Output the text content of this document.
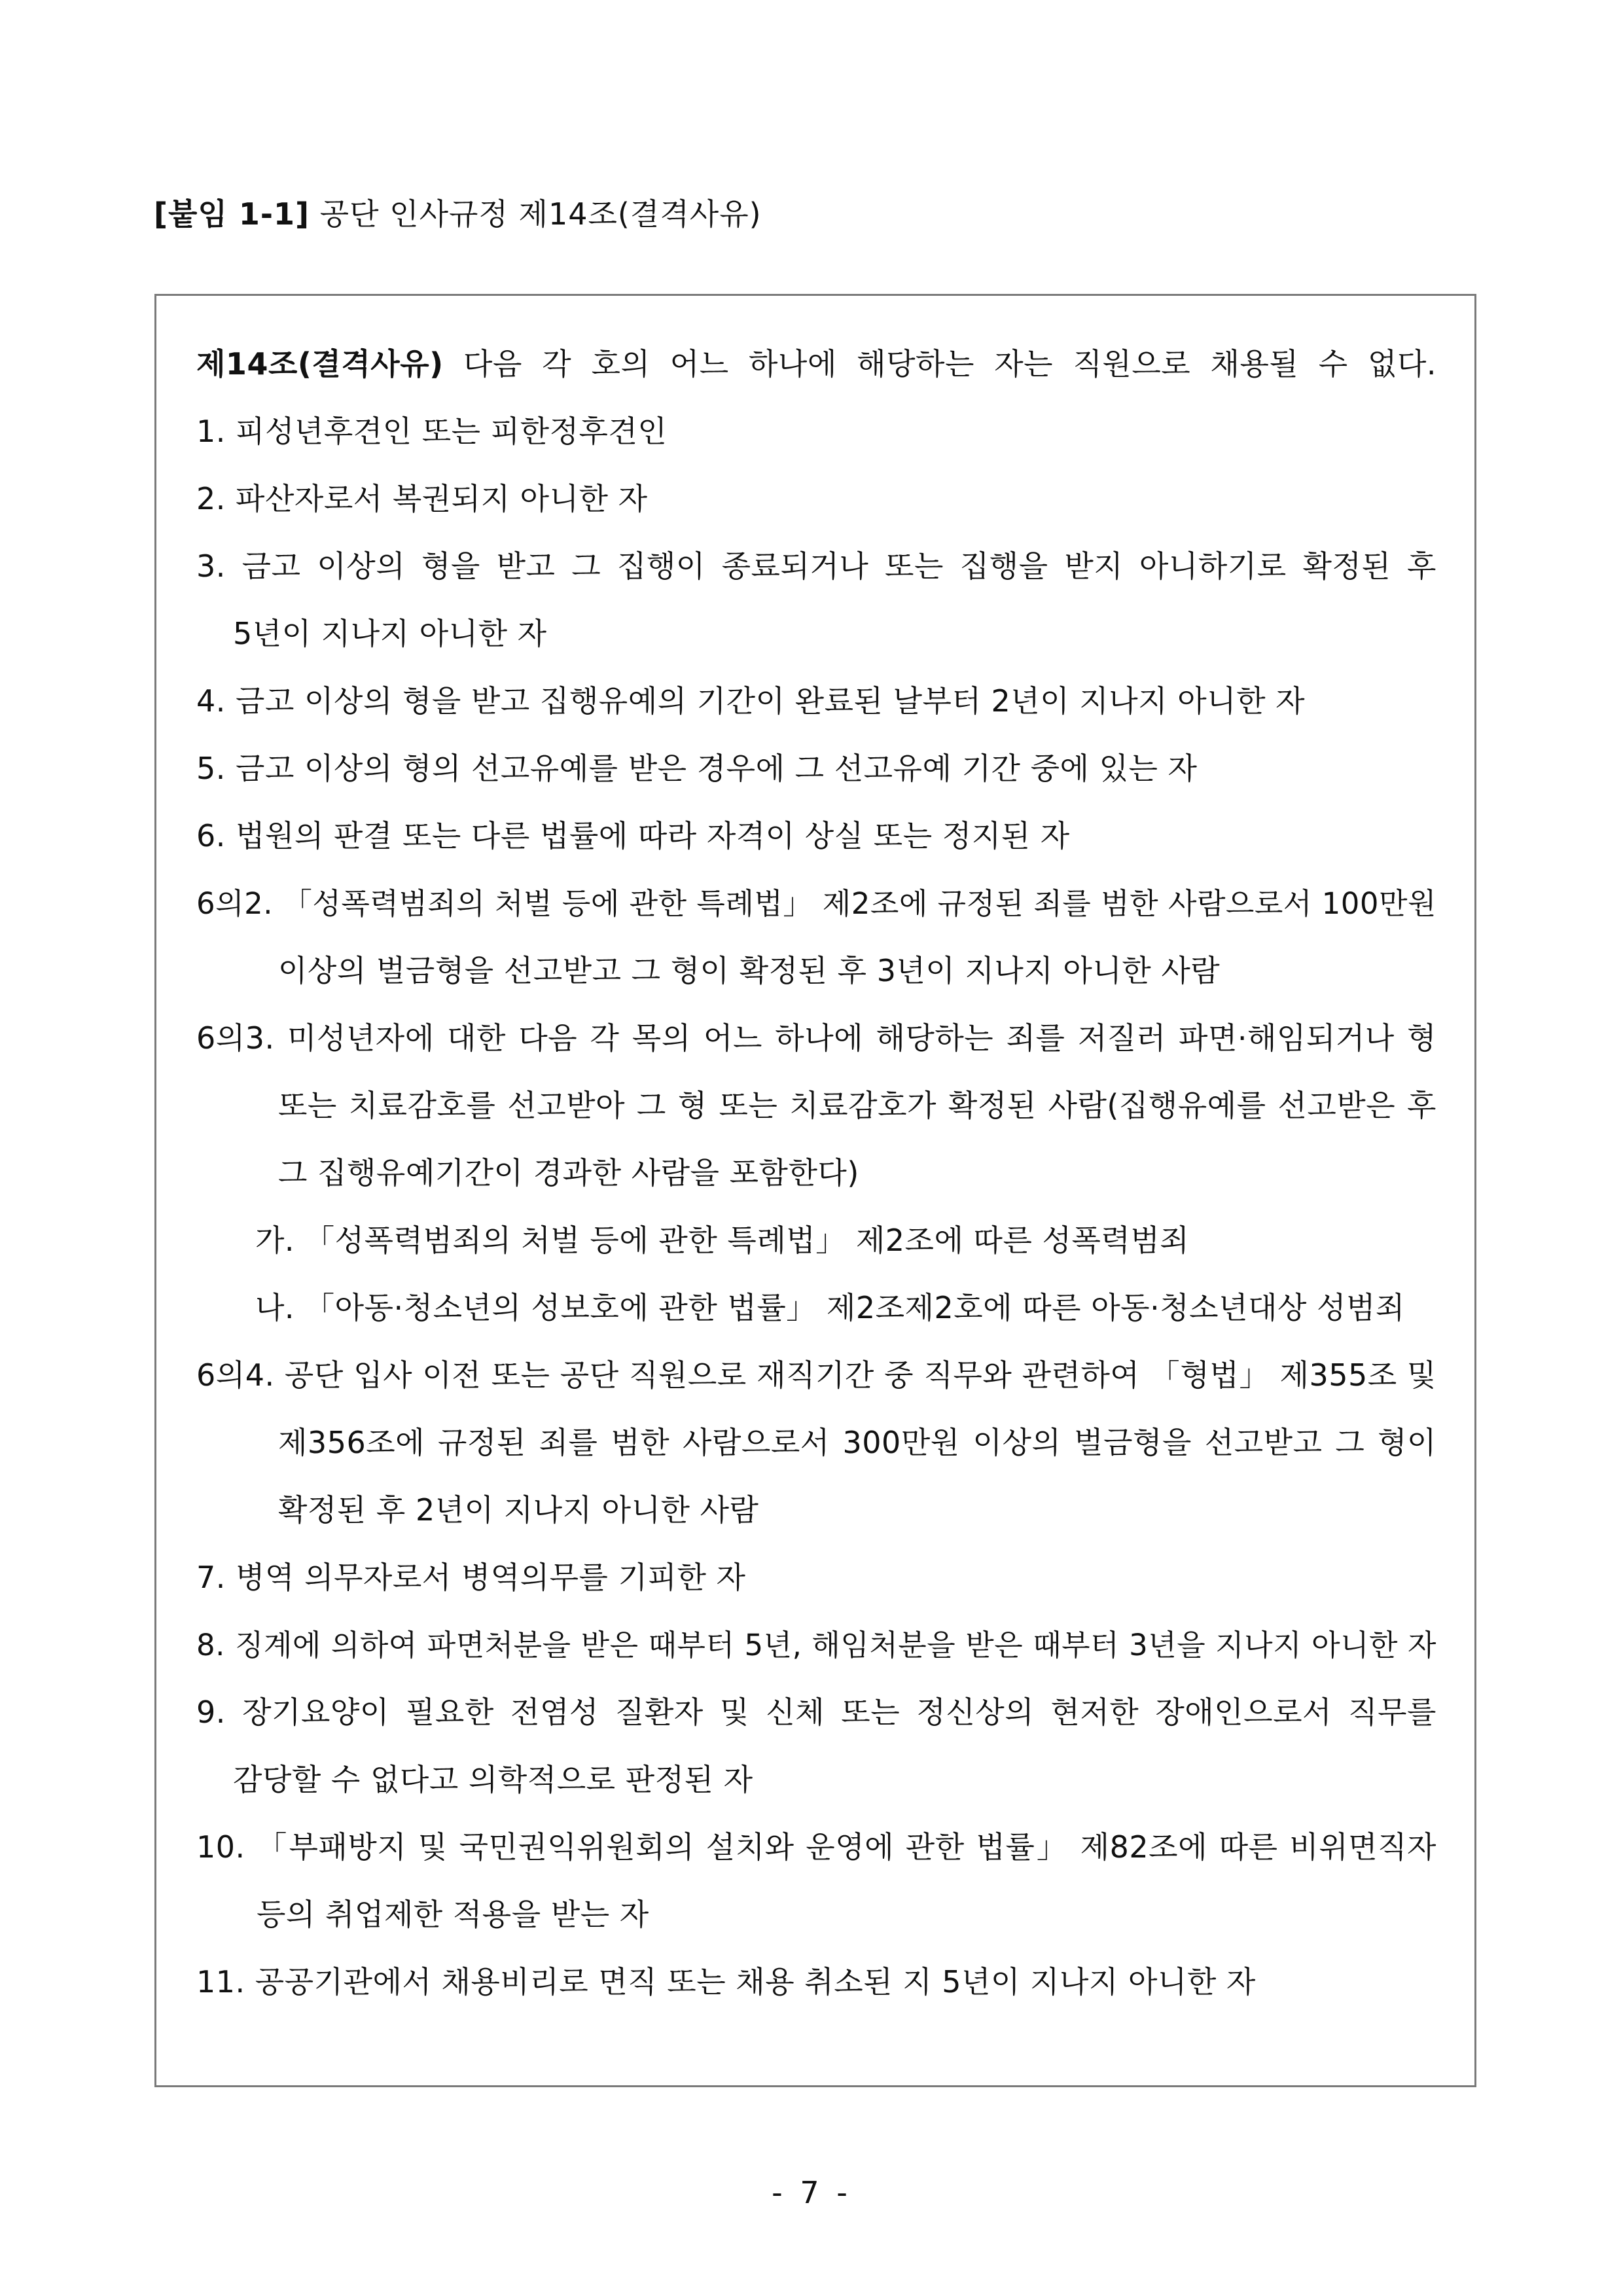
[붙임 1-1] 공단 인사규정 제14조(결격사유)
제14조(결격사유) 다음 각 호의 어느 하나에 해당하는 자는 직원으로 채용될 수 없다.
1. 피성년후견인 또는 피한정후견인
2. 파산자로서 복권되지 아니한 자
3. 금고 이상의 형을 받고 그 집행이 종료되거나 또는 집행을 받지 아니하기로 확정된 후
5년이 지나지 아니한 자
4. 금고 이상의 형을 받고 집행유예의 기간이 완료된 날부터 2년이 지나지 아니한 자
5. 금고 이상의 형의 선고유예를 받은 경우에 그 선고유예 기간 중에 있는 자
6. 법원의 판결 또는 다른 법률에 따라 자격이 상실 또는 정지된 자
6의2. 「성폭력범죄의 처벌 등에 관한 특례법」 제2조에 규정된 죄를 범한 사람으로서 100만원
이상의 벌금형을 선고받고 그 형이 확정된 후 3년이 지나지 아니한 사람
6의3. 미성년자에 대한 다음 각 목의 어느 하나에 해당하는 죄를 저질러 파면·해임되거나 형
또는 치료감호를 선고받아 그 형 또는 치료감호가 확정된 사람(집행유예를 선고받은 후
그 집행유예기간이 경과한 사람을 포함한다)
가. 「성폭력범죄의 처벌 등에 관한 특례법」 제2조에 따른 성폭력범죄
나. 「아동·청소년의 성보호에 관한 법률」 제2조제2호에 따른 아동·청소년대상 성범죄
6의4. 공단 입사 이전 또는 공단 직원으로 재직기간 중 직무와 관련하여 「형법」 제355조 및
제356조에 규정된 죄를 범한 사람으로서 300만원 이상의 벌금형을 선고받고 그 형이
확정된 후 2년이 지나지 아니한 사람
7. 병역 의무자로서 병역의무를 기피한 자
8. 징계에 의하여 파면처분을 받은 때부터 5년, 해임처분을 받은 때부터 3년을 지나지 아니한 자
9. 장기요양이 필요한 전염성 질환자 및 신체 또는 정신상의 현저한 장애인으로서 직무를
감당할 수 없다고 의학적으로 판정된 자
10. 「부패방지 및 국민권익위원회의 설치와 운영에 관한 법률」 제82조에 따른 비위면직자
등의 취업제한 적용을 받는 자
11. 공공기관에서 채용비리로 면직 또는 채용 취소된 지 5년이 지나지 아니한 자
- 7 -
